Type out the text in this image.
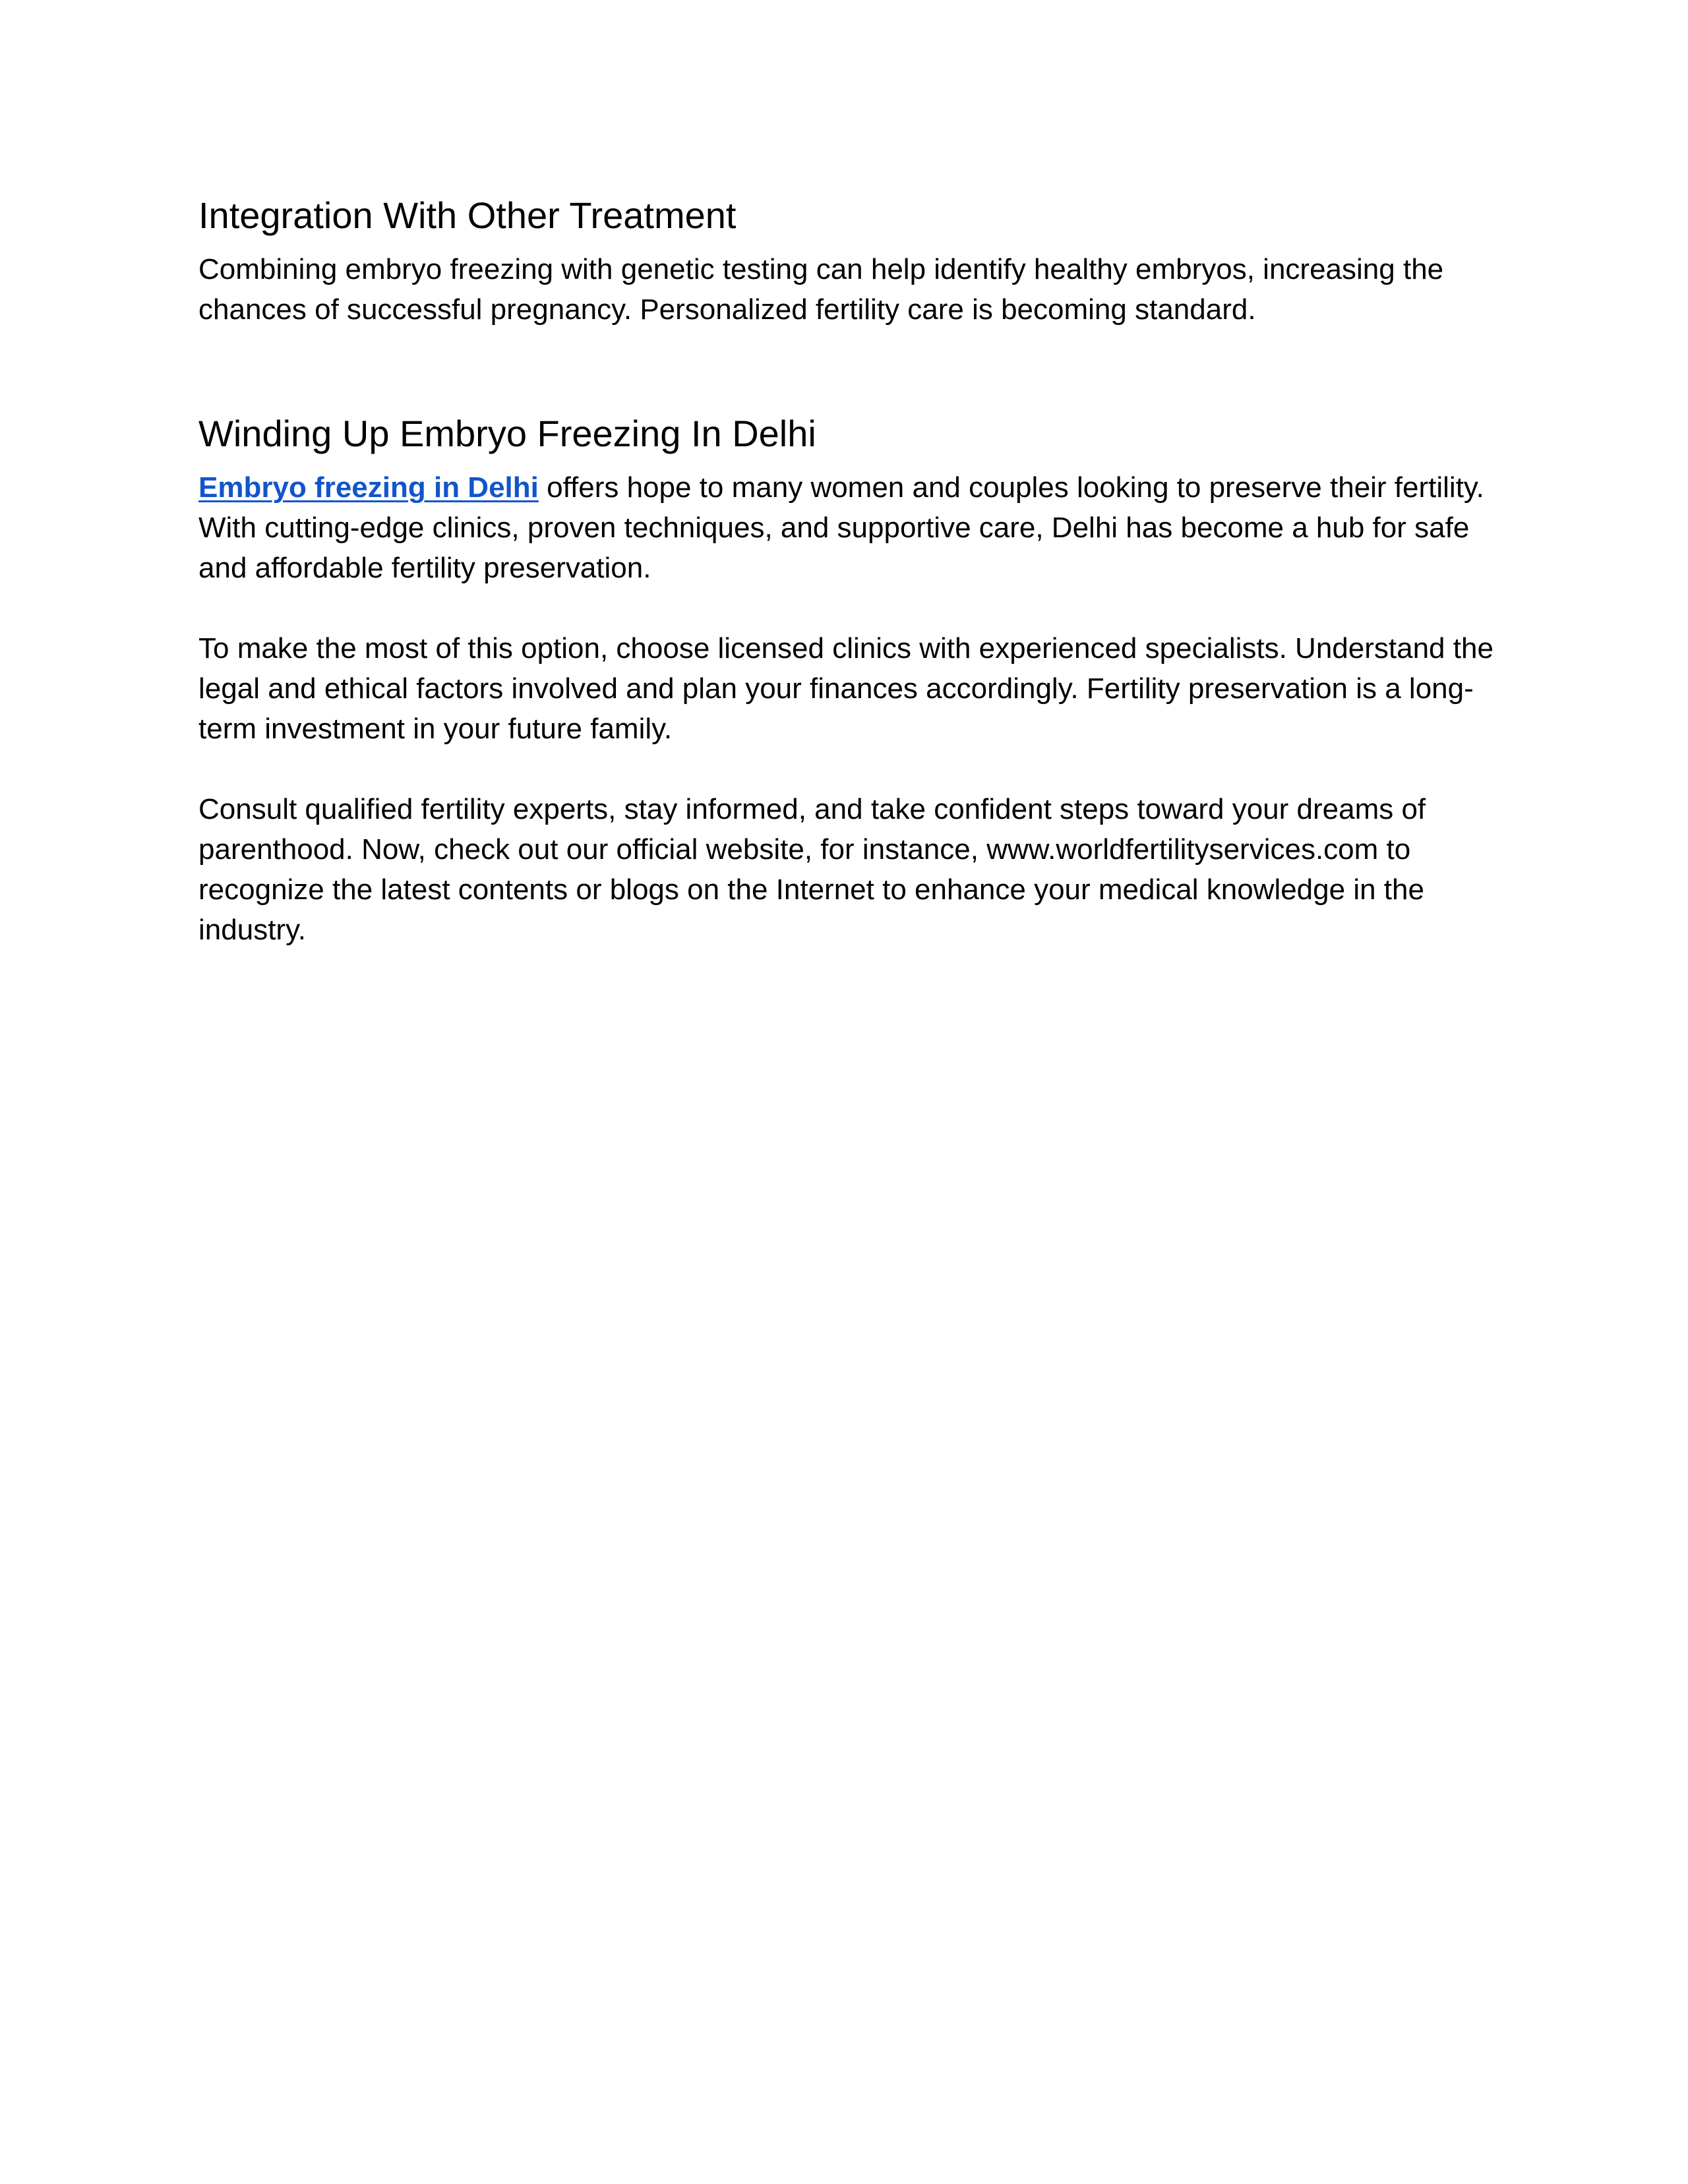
Integration With Other Treatment

Combining embryo freezing with genetic testing can help identify healthy embryos, increasing the chances of successful pregnancy. Personalized fertility care is becoming standard.

Winding Up Embryo Freezing In Delhi

Embryo freezing in Delhi offers hope to many women and couples looking to preserve their fertility. With cutting-edge clinics, proven techniques, and supportive care, Delhi has become a hub for safe and affordable fertility preservation.

To make the most of this option, choose licensed clinics with experienced specialists. Understand the legal and ethical factors involved and plan your finances accordingly. Fertility preservation is a long-term investment in your future family.

Consult qualified fertility experts, stay informed, and take confident steps toward your dreams of parenthood. Now, check out our official website, for instance, www.worldfertilityservices.com to recognize the latest contents or blogs on the Internet to enhance your medical knowledge in the industry.
